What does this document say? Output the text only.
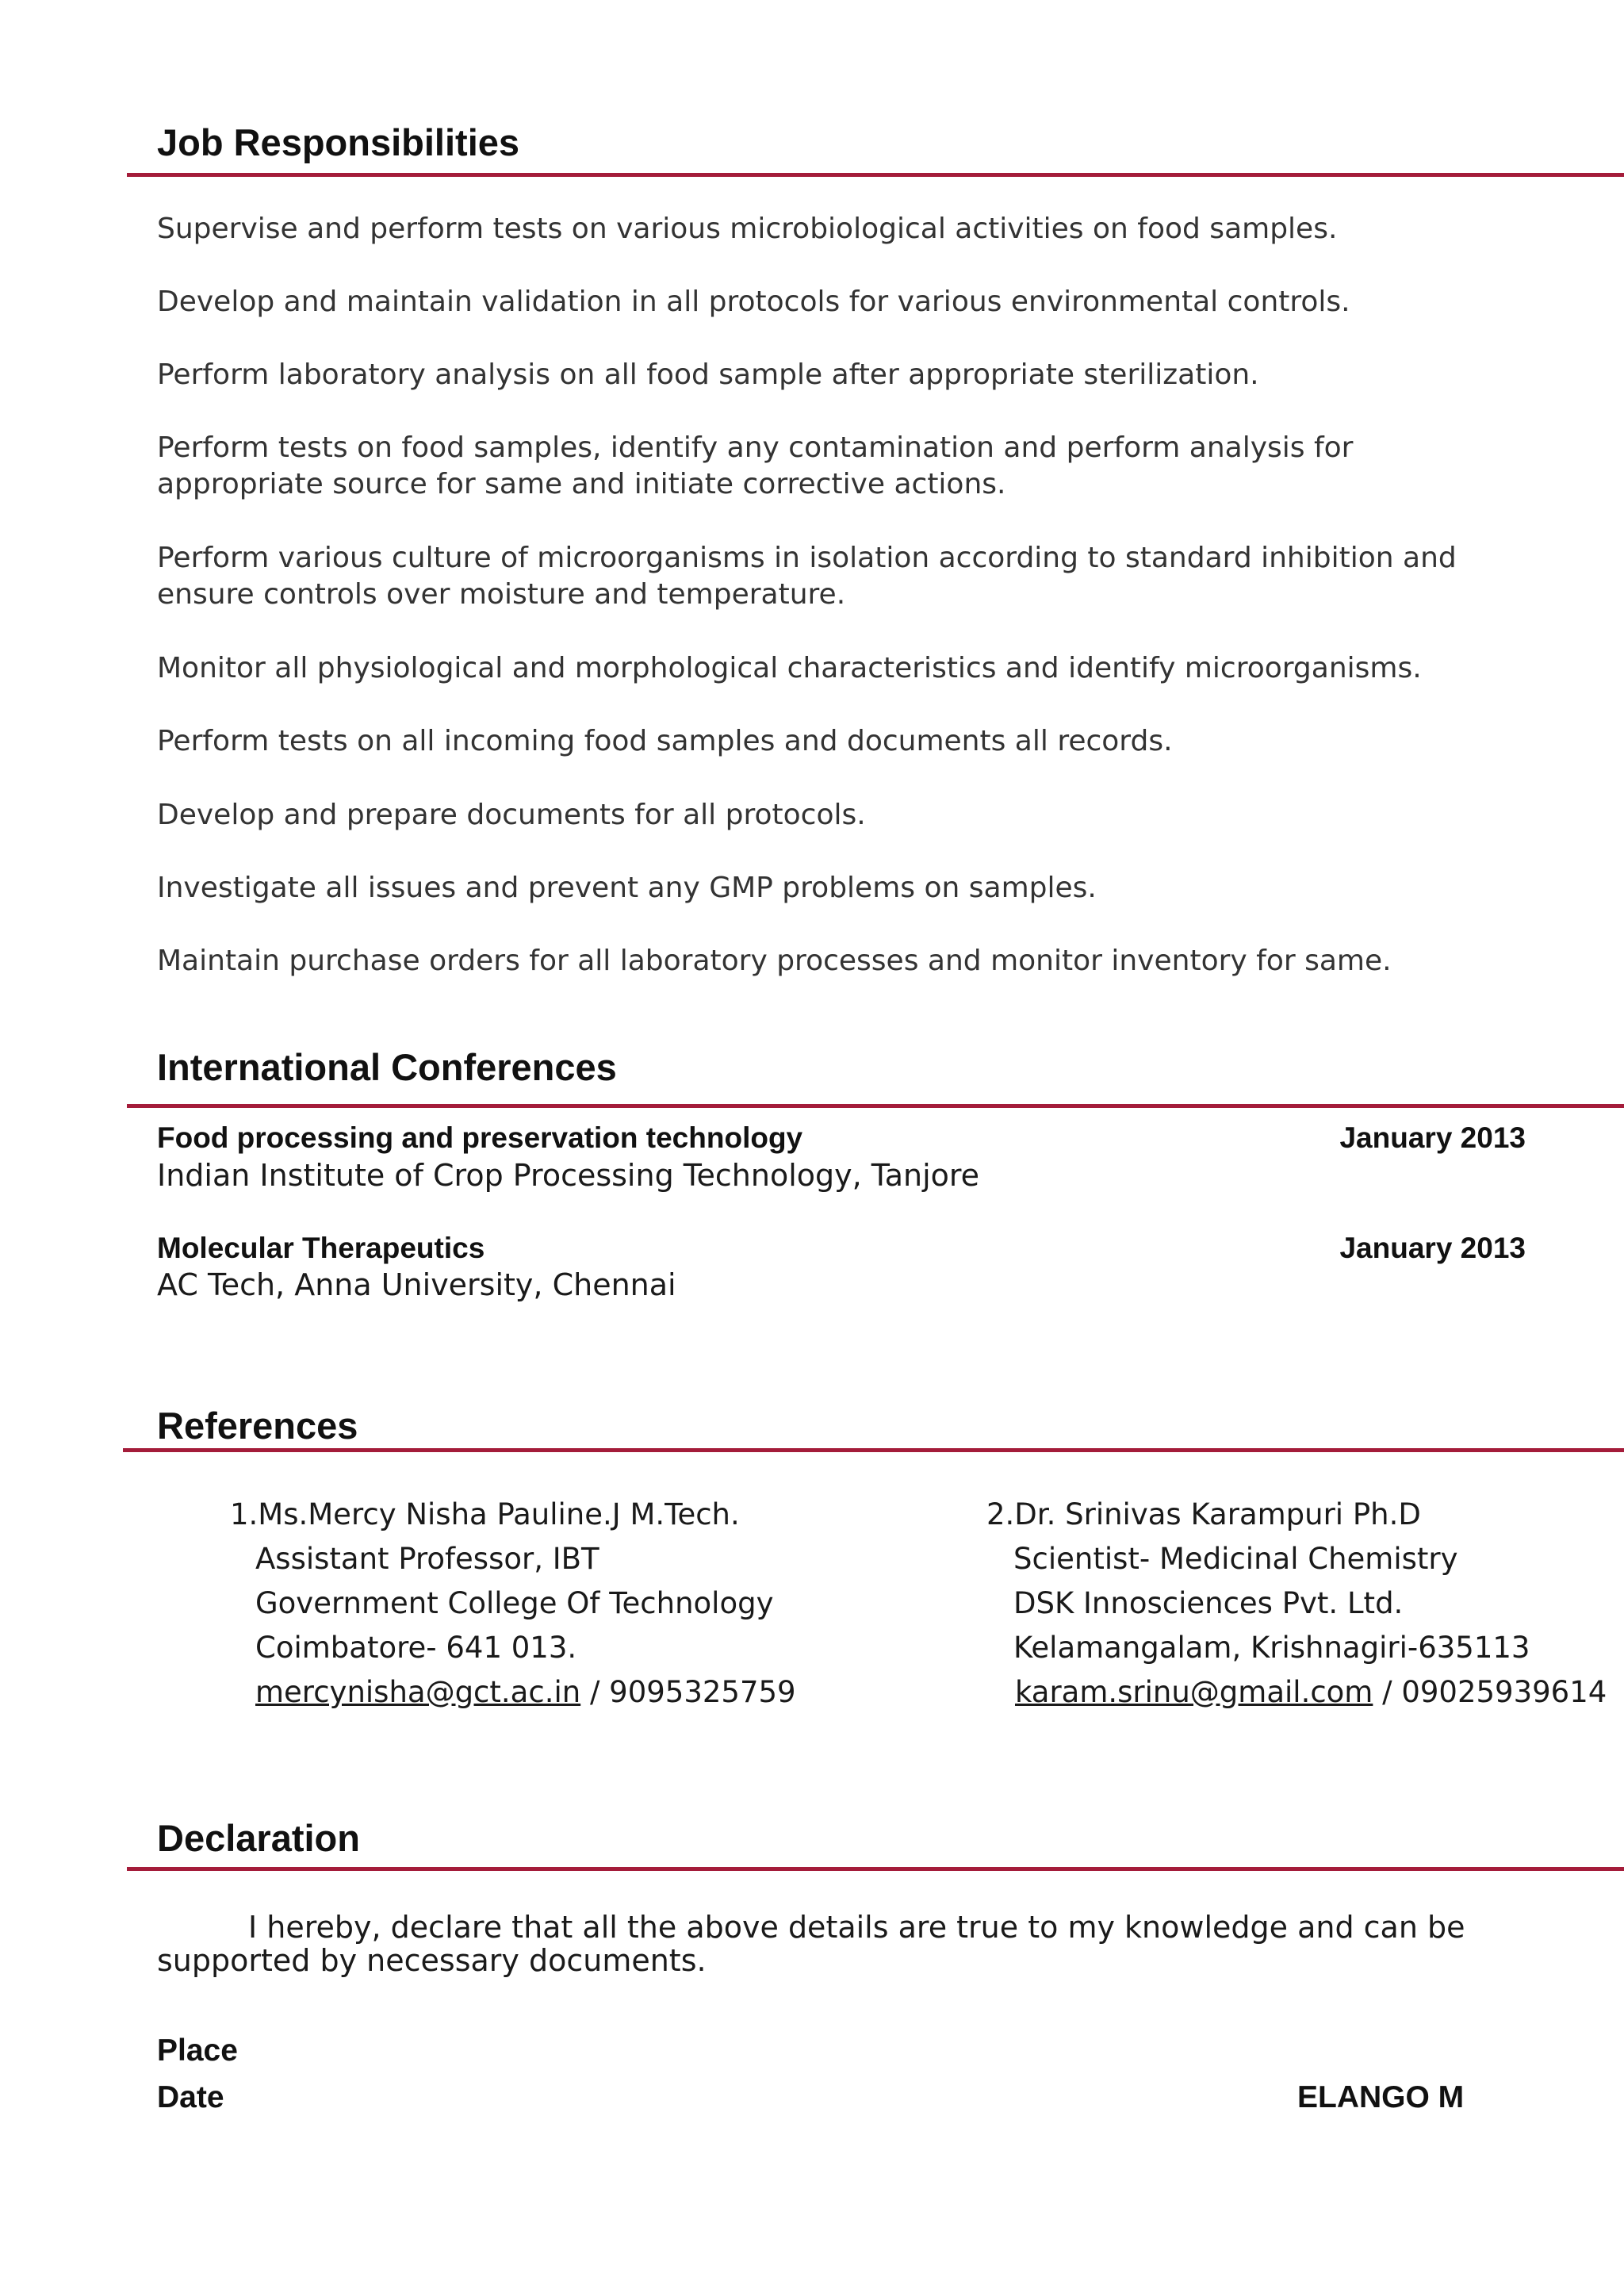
Job Responsibilities

Supervise and perform tests on various microbiological activities on food samples.

Develop and maintain validation in all protocols for various environmental controls.

Perform laboratory analysis on all food sample after appropriate sterilization.

Perform tests on food samples, identify any contamination and perform analysis for appropriate source for same and initiate corrective actions.

Perform various culture of microorganisms in isolation according to standard inhibition and ensure controls over moisture and temperature.

Monitor all physiological and morphological characteristics and identify microorganisms.

Perform tests on all incoming food samples and documents all records.

Develop and prepare documents for all protocols.

Investigate all issues and prevent any GMP problems on samples.

Maintain purchase orders for all laboratory processes and monitor inventory for same.

International Conferences
Food processing and preservation technology	January 2013
Indian Institute of Crop Processing Technology, Tanjore
Molecular Therapeutics	January 2013
AC Tech, Anna University, Chennai
References
1.Ms.Mercy Nisha Pauline.J M.Tech.
Assistant Professor, IBT
Government College Of Technology
Coimbatore- 641 013.
mercynisha@gct.ac.in / 9095325759
2.Dr. Srinivas Karampuri Ph.D
Scientist- Medicinal Chemistry
DSK Innosciences Pvt. Ltd.
Kelamangalam, Krishnagiri-635113
karam.srinu@gmail.com / 09025939614
Declaration

I hereby, declare that all the above details are true to my knowledge and can be supported by necessary documents.

Place
Date	ELANGO M
